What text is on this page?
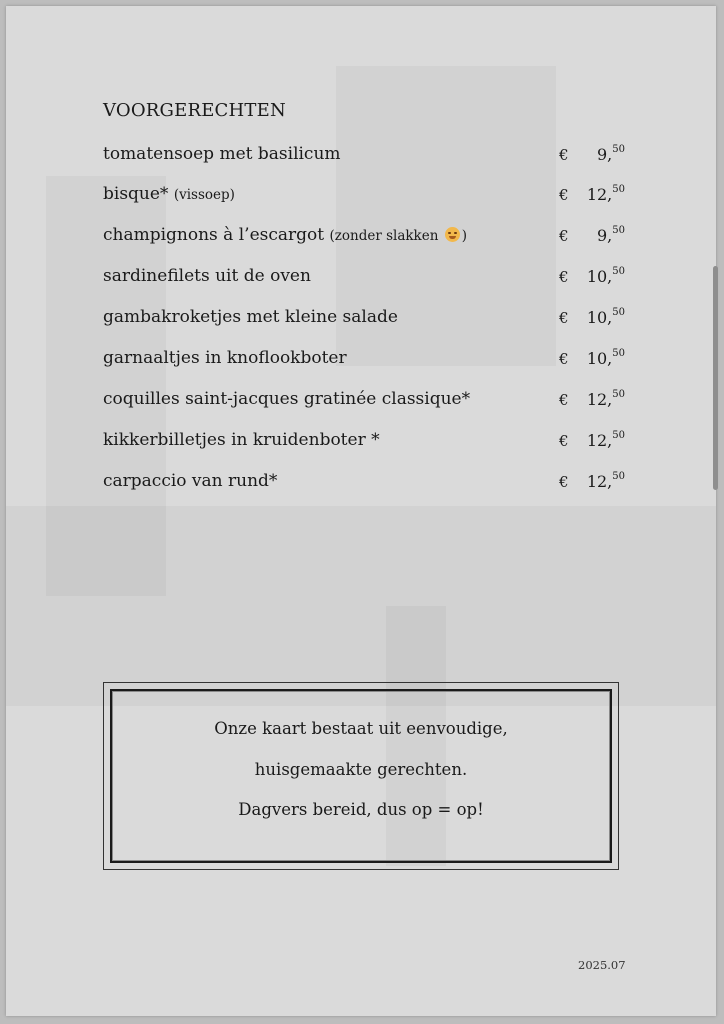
VOORGERECHTEN
tomatensoep met basilicum	€ 9,50
bisque* (vissoep)	€ 12,50
champignons à l’escargot (zonder slakken )	€ 9,50
sardinefilets uit de oven	€ 10,50
gambakroketjes met kleine salade	€ 10,50
garnaaltjes in knoflookboter	€ 10,50
coquilles saint-jacques gratinée classique*	€ 12,50
kikkerbilletjes in kruidenboter *	€ 12,50
carpaccio van rund*	€ 12,50
Onze kaart bestaat uit eenvoudige,
huisgemaakte gerechten.
Dagvers bereid, dus op = op!
2025.07
